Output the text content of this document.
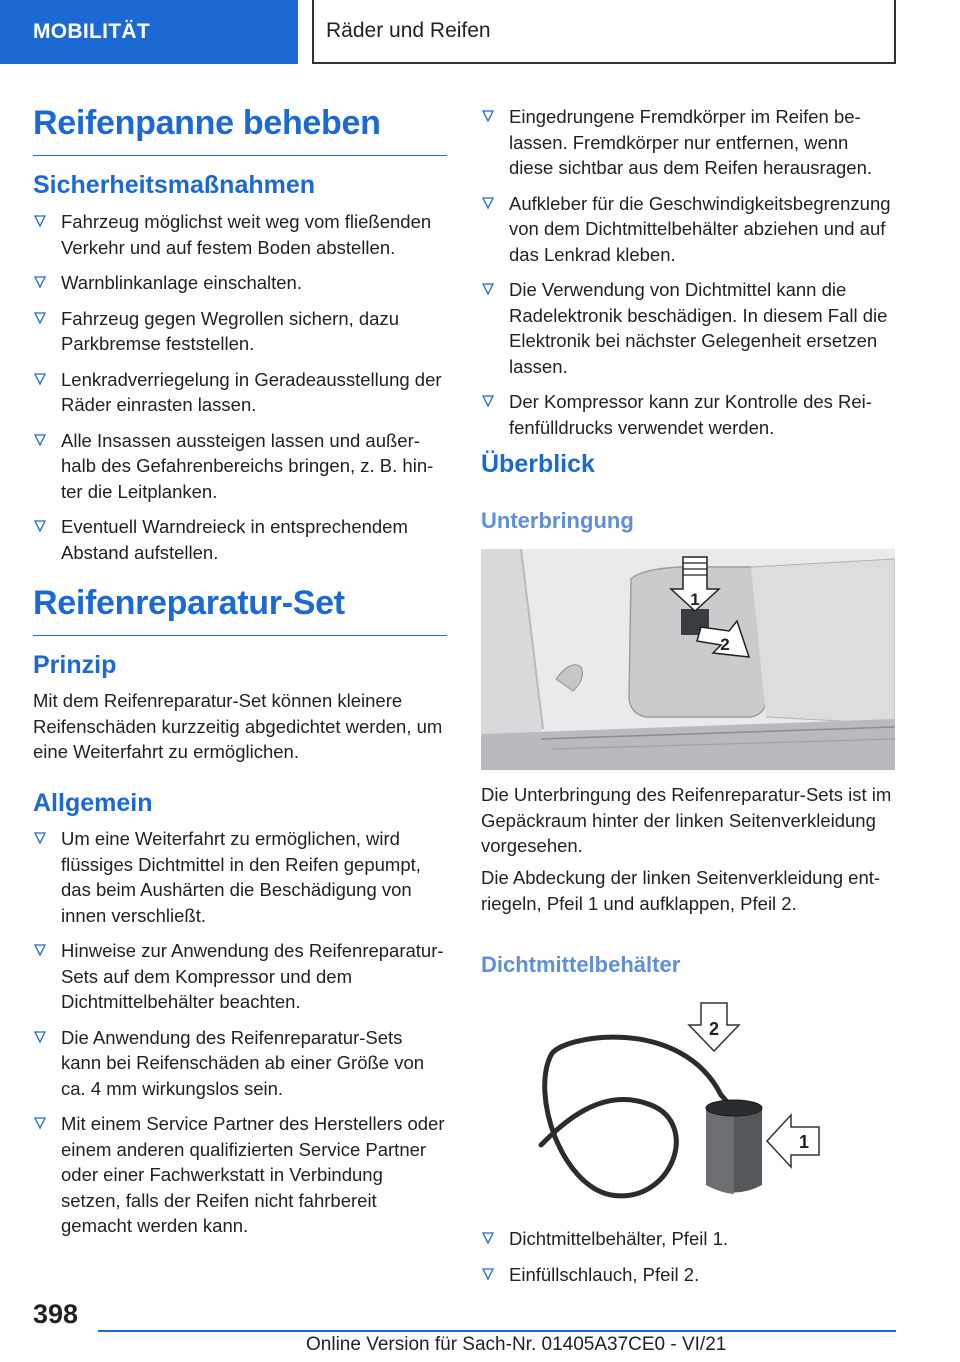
MOBILITÄT	Räder und Reifen
Reifenpanne beheben
Sicherheitsmaßnahmen
Fahrzeug möglichst weit weg vom fließenden Verkehr und auf festem Boden abstellen.
Warnblinkanlage einschalten.
Fahrzeug gegen Wegrollen sichern, dazu Parkbremse feststellen.
Lenkradverriegelung in Geradeausstellung der Räder einrasten lassen.
Alle Insassen aussteigen lassen und außerhalb des Gefahrenbereichs bringen, z. B. hinter die Leitplanken.
Eventuell Warndreieck in entsprechendem Abstand aufstellen.
Reifenreparatur-Set
Prinzip
Mit dem Reifenreparatur-Set können kleinere Reifenschäden kurzzeitig abgedichtet werden, um eine Weiterfahrt zu ermöglichen.
Allgemein
Um eine Weiterfahrt zu ermöglichen, wird flüssiges Dichtmittel in den Reifen gepumpt, das beim Aushärten die Beschädigung von innen verschließt.
Hinweise zur Anwendung des Reifenreparatur-Sets auf dem Kompressor und dem Dichtmittelbehälter beachten.
Die Anwendung des Reifenreparatur-Sets kann bei Reifenschäden ab einer Größe von ca. 4 mm wirkungslos sein.
Mit einem Service Partner des Herstellers oder einem anderen qualifizierten Service Partner oder einer Fachwerkstatt in Verbindung setzen, falls der Reifen nicht fahrbereit gemacht werden kann.
Eingedrungene Fremdkörper im Reifen belassen. Fremdkörper nur entfernen, wenn diese sichtbar aus dem Reifen herausragen.
Aufkleber für die Geschwindigkeitsbegrenzung von dem Dichtmittelbehälter abziehen und auf das Lenkrad kleben.
Die Verwendung von Dichtmittel kann die Radelektronik beschädigen. In diesem Fall die Elektronik bei nächster Gelegenheit ersetzen lassen.
Der Kompressor kann zur Kontrolle des Reifenfülldrucks verwendet werden.
Überblick
Unterbringung
1
2
Die Unterbringung des Reifenreparatur-Sets ist im Gepäckraum hinter der linken Seitenverkleidung vorgesehen.
Die Abdeckung der linken Seitenverkleidung entriegeln, Pfeil 1 und aufklappen, Pfeil 2.
Dichtmittelbehälter
2
1
Dichtmittelbehälter, Pfeil 1.
Einfüllschlauch, Pfeil 2.
398
Online Version für Sach-Nr. 01405A37CE0 - VI/21
